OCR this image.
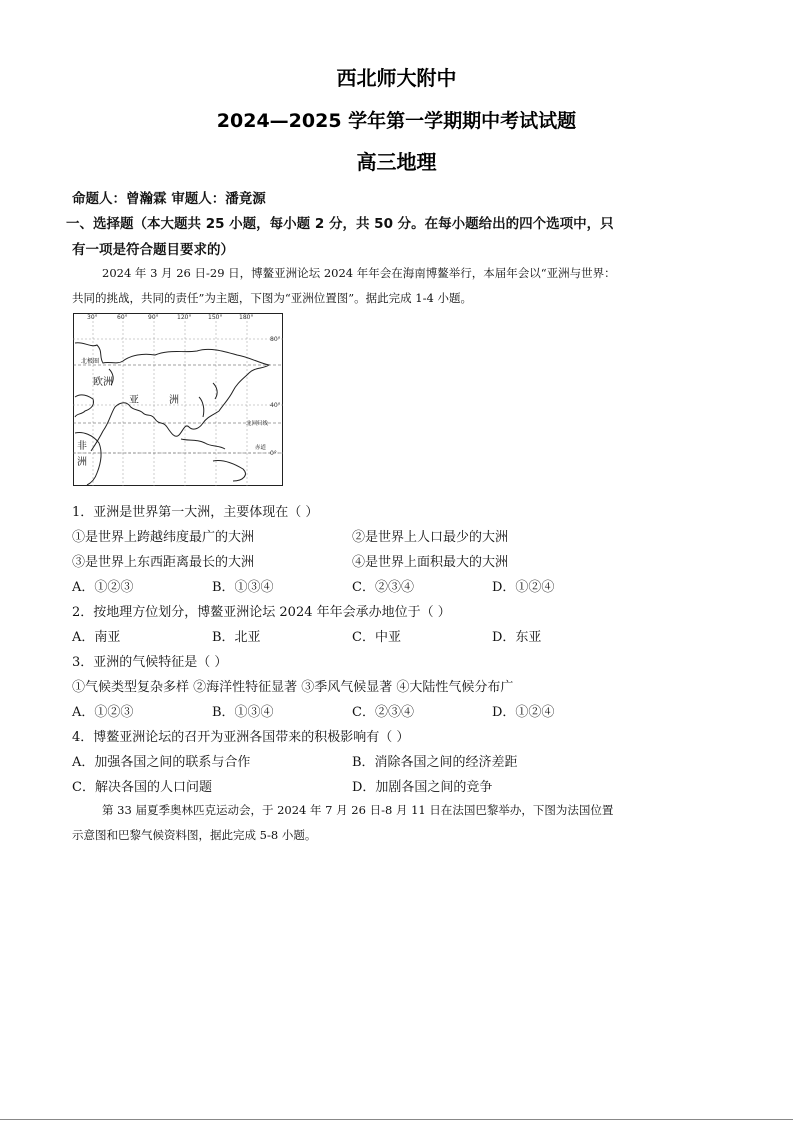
西北师大附中
2024—2025 学年第一学期期中考试试题
高三地理
命题人：曾瀚霖 审题人：潘竟源
一、选择题（本大题共 25 小题，每小题 2 分，共 50 分。在每小题给出的四个选项中，只
有一项是符合题目要求的）
2024 年 3 月 26 日-29 日，博鳌亚洲论坛 2024 年年会在海南博鳌举行，本届年会以“亚洲与世界：
共同的挑战，共同的责任”为主题，下图为“亚洲位置图”。据此完成 1-4 小题。
30°	60°	90°	120°	150°	180°
80°
40°
0°
北极圈
欧洲
亚	洲
非
洲
北回归线
赤道
1．亚洲是世界第一大洲，主要体现在（ ）
①是世界上跨越纬度最广的大洲	②是世界上人口最少的大洲
③是世界上东西距离最长的大洲	④是世界上面积最大的大洲
A．①②③	B．①③④	C．②③④	D．①②④
2．按地理方位划分，博鳌亚洲论坛 2024 年年会承办地位于（ ）
A．南亚	B．北亚	C．中亚	D．东亚
3．亚洲的气候特征是（ ）
①气候类型复杂多样 ②海洋性特征显著 ③季风气候显著 ④大陆性气候分布广
A．①②③	B．①③④	C．②③④	D．①②④
4．博鳌亚洲论坛的召开为亚洲各国带来的积极影响有（ ）
A．加强各国之间的联系与合作	B．消除各国之间的经济差距
C．解决各国的人口问题	D．加剧各国之间的竞争
第 33 届夏季奥林匹克运动会，于 2024 年 7 月 26 日-8 月 11 日在法国巴黎举办，下图为法国位置
示意图和巴黎气候资料图，据此完成 5-8 小题。
